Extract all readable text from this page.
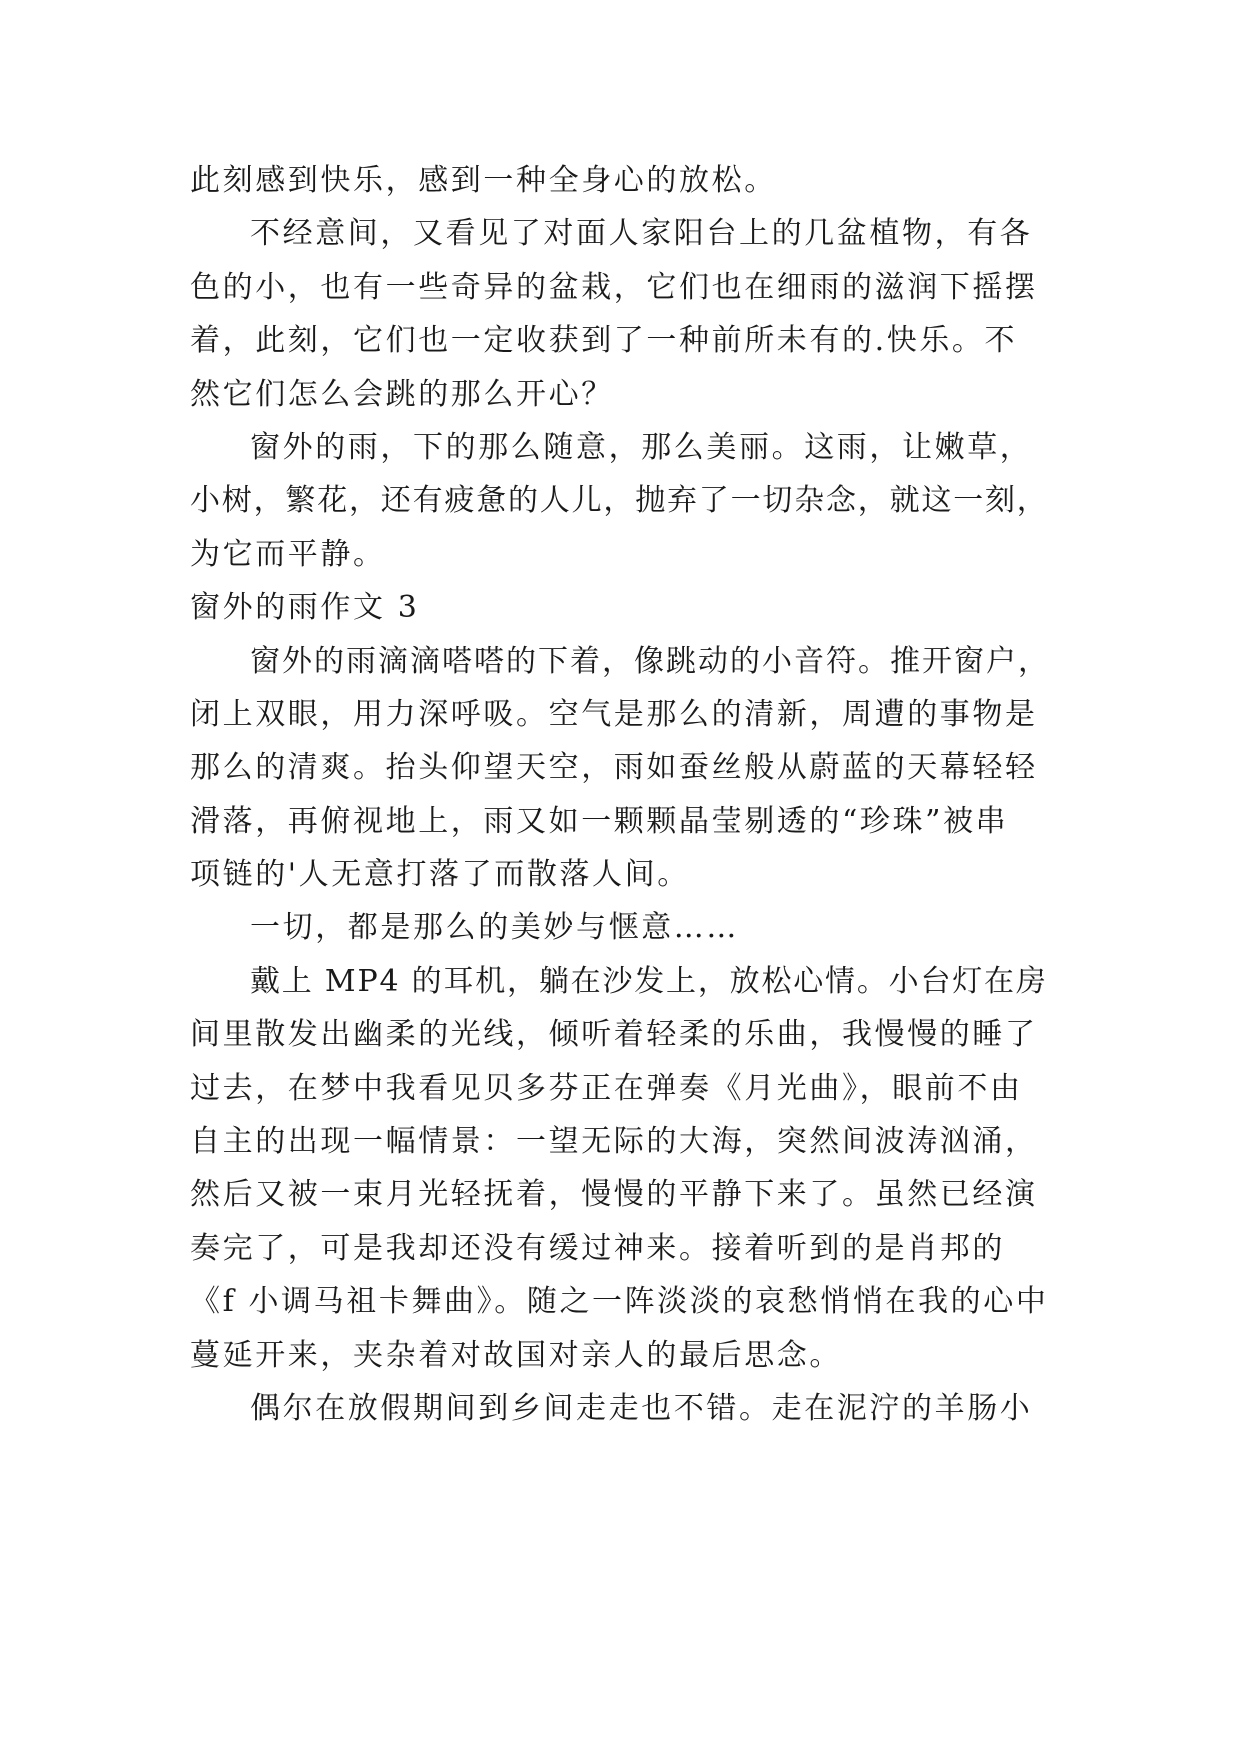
此刻感到快乐，感到一种全身心的放松。
不经意间，又看见了对面人家阳台上的几盆植物，有各
色的小，也有一些奇异的盆栽，它们也在细雨的滋润下摇摆
着，此刻，它们也一定收获到了一种前所未有的.快乐。不
然它们怎么会跳的那么开心？
窗外的雨，下的那么随意，那么美丽。这雨，让嫩草，
小树，繁花，还有疲惫的人儿，抛弃了一切杂念，就这一刻，
为它而平静。
窗外的雨作文 3
窗外的雨滴滴嗒嗒的下着，像跳动的小音符。推开窗户，
闭上双眼，用力深呼吸。空气是那么的清新，周遭的事物是
那么的清爽。抬头仰望天空，雨如蚕丝般从蔚蓝的天幕轻轻
滑落，再俯视地上，雨又如一颗颗晶莹剔透的“珍珠”被串
项链的'人无意打落了而散落人间。
一切，都是那么的美妙与惬意……
戴上 MP4 的耳机，躺在沙发上，放松心情。小台灯在房
间里散发出幽柔的光线，倾听着轻柔的乐曲，我慢慢的睡了
过去，在梦中我看见贝多芬正在弹奏《月光曲》，眼前不由
自主的出现一幅情景：一望无际的大海，突然间波涛汹涌，
然后又被一束月光轻抚着，慢慢的平静下来了。虽然已经演
奏完了，可是我却还没有缓过神来。接着听到的是肖邦的
《f 小调马祖卡舞曲》。随之一阵淡淡的哀愁悄悄在我的心中
蔓延开来，夹杂着对故国对亲人的最后思念。
偶尔在放假期间到乡间走走也不错。走在泥泞的羊肠小
